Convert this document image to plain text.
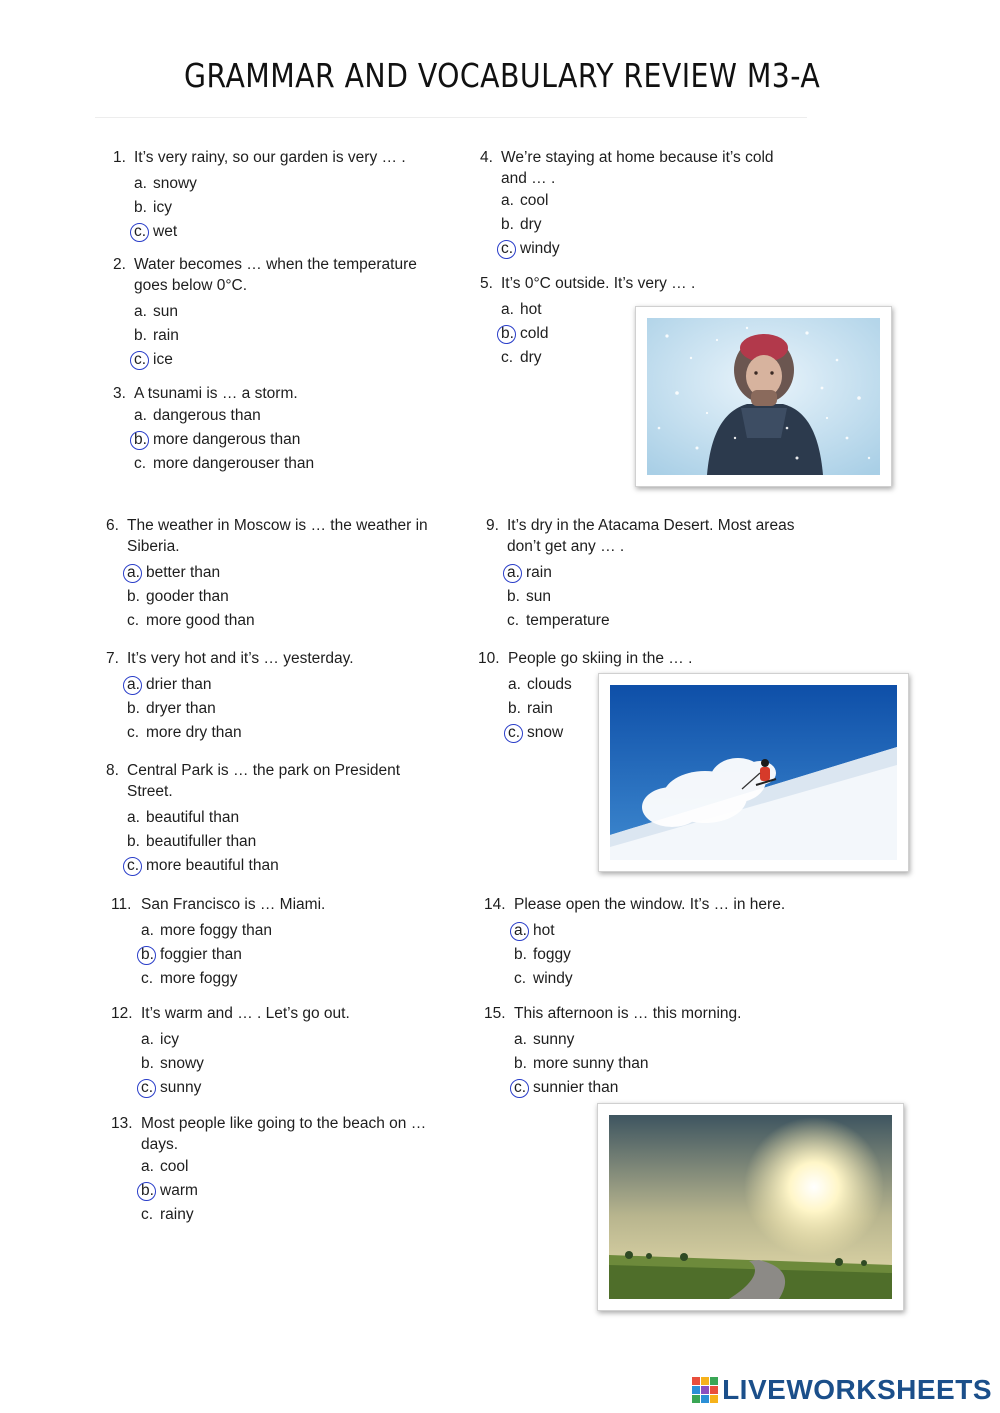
GRAMMAR AND VOCABULARY REVIEW M3-A
1. It’s very rainy, so our garden is very … .
a. snowy
b. icy
c. wet
2. Water becomes … when the temperature goes below 0°C.
a. sun
b. rain
c. ice
3. A tsunami is … a storm.
a. dangerous than
b. more dangerous than
c. more dangerouser than
4. We’re staying at home because it’s cold and … .
a. cool
b. dry
c. windy
5. It’s 0°C outside. It’s very … .
a. hot
b. cold
c. dry
6. The weather in Moscow is … the weather in Siberia.
a. better than
b. gooder than
c. more good than
7. It’s very hot and it’s … yesterday.
a. drier than
b. dryer than
c. more dry than
8. Central Park is … the park on President Street.
a. beautiful than
b. beautifuller than
c. more beautiful than
9. It’s dry in the Atacama Desert. Most areas don’t get any … .
a. rain
b. sun
c. temperature
10. People go skiing in the … .
a. clouds
b. rain
c. snow
11. San Francisco is … Miami.
a. more foggy than
b. foggier than
c. more foggy
12. It’s warm and … . Let’s go out.
a. icy
b. snowy
c. sunny
13. Most people like going to the beach on … days.
a. cool
b. warm
c. rainy
14. Please open the window. It’s … in here.
a. hot
b. foggy
c. windy
15. This afternoon is … this morning.
a. sunny
b. more sunny than
c. sunnier than
LIVEWORKSHEETS
